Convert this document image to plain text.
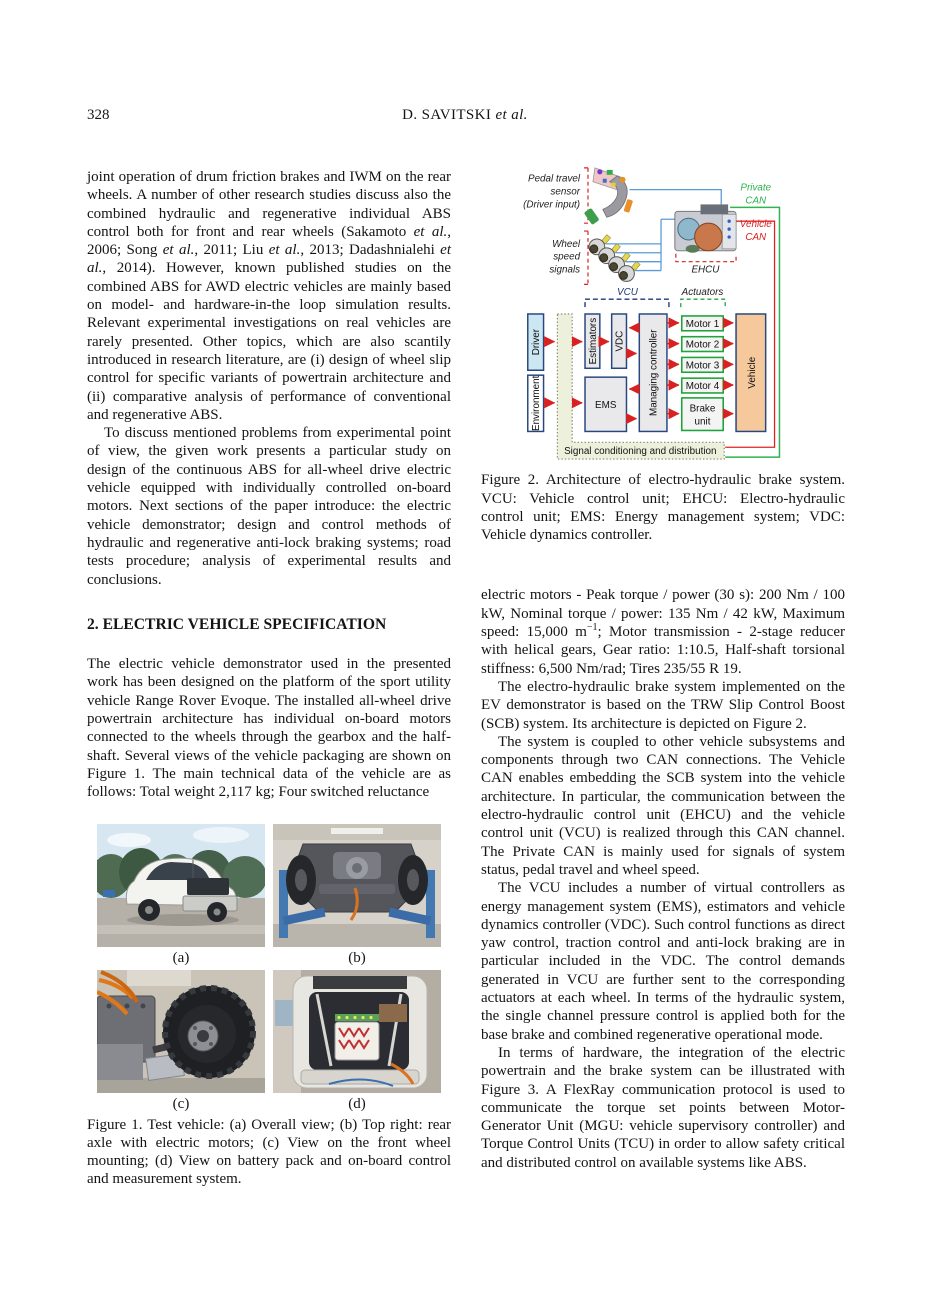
328	D. SAVITSKI et al.

joint operation of drum friction brakes and IWM on the rear wheels. A number of other research studies discuss also the combined hydraulic and regenerative individual ABS control both for front and rear wheels (Sakamoto et al., 2006; Song et al., 2011; Liu et al., 2013; Dadashnialehi et al., 2014). However, known published studies on the combined ABS for AWD electric vehicles are mainly based on model- and hardware-in-the loop simulation results. Relevant experimental investigations on real vehicles are rarely presented. Other topics, which are also scantily introduced in research literature, are (i) design of wheel slip control for specific variants of powertrain architecture and (ii) comparative analysis of performance of conventional and regenerative ABS.

To discuss mentioned problems from experimental point of view, the given work presents a particular study on design of the continuous ABS for all-wheel drive electric vehicle equipped with individually controlled on-board motors. Next sections of the paper introduce: the electric vehicle demonstrator; design and control methods of hydraulic and regenerative anti-lock braking systems; road tests procedure; analysis of experimental results and conclusions.

2. ELECTRIC VEHICLE SPECIFICATION

The electric vehicle demonstrator used in the presented work has been designed on the platform of the sport utility vehicle Range Rover Evoque. The installed all-wheel drive powertrain architecture has individual on-board motors connected to the wheels through the gearbox and the half-shaft. Several views of the vehicle packaging are shown on Figure 1. The main technical data of the vehicle are as follows: Total weight 2,117 kg; Four switched reluctance

(a)	(b)
(c)	(d)

Figure 1. Test vehicle: (a) Overall view; (b) Top right: rear axle with electric motors; (c) View on the front wheel mounting; (d) View on battery pack and on-board control and measurement system.

Pedal travel
sensor
(Driver input)
Wheel
speed
signals	EHCU
Private
CAN
Vehicle
CAN
VCU	Actuators
Signal conditioning and distribution
Driver
Environment
Estimators VDC Managing controller
EMS
Motor 1
Motor 2
Motor 3
Motor 4
Brake
unit
Vehicle

Figure 2. Architecture of electro-hydraulic brake system. VCU: Vehicle control unit; EHCU: Electro-hydraulic control unit; EMS: Energy management system; VDC: Vehicle dynamics controller.

electric motors - Peak torque / power (30 s): 200 Nm / 100 kW, Nominal torque / power: 135 Nm / 42 kW, Maximum speed: 15,000 $m^{-1}$; Motor transmission - 2-stage reducer with helical gears, Gear ratio: 1:10.5, Half-shaft torsional stiffness: 6,500 Nm/rad; Tires 235/55 R 19.

The electro-hydraulic brake system implemented on the EV demonstrator is based on the TRW Slip Control Boost (SCB) system. Its architecture is depicted on Figure 2.

The system is coupled to other vehicle subsystems and components through two CAN connections. The Vehicle CAN enables embedding the SCB system into the vehicle architecture. In particular, the communication between the electro-hydraulic control unit (EHCU) and the vehicle control unit (VCU) is realized through this CAN channel. The Private CAN is mainly used for signals of system status, pedal travel and wheel speed.

The VCU includes a number of virtual controllers as energy management system (EMS), estimators and vehicle dynamics controller (VDC). Such control functions as direct yaw control, traction control and anti-lock braking are in particular included in the VDC. The control demands generated in VCU are further sent to the corresponding actuators at each wheel. In terms of the hydraulic system, the single channel pressure control is applied both for the base brake and combined regenerative operational mode.

In terms of hardware, the integration of the electric powertrain and the brake system can be illustrated with Figure 3. A FlexRay communication protocol is used to communicate the torque set points between Motor-Generator Unit (MGU: vehicle supervisory controller) and Torque Control Units (TCU) in order to allow safety critical and distributed control on available systems like ABS.
